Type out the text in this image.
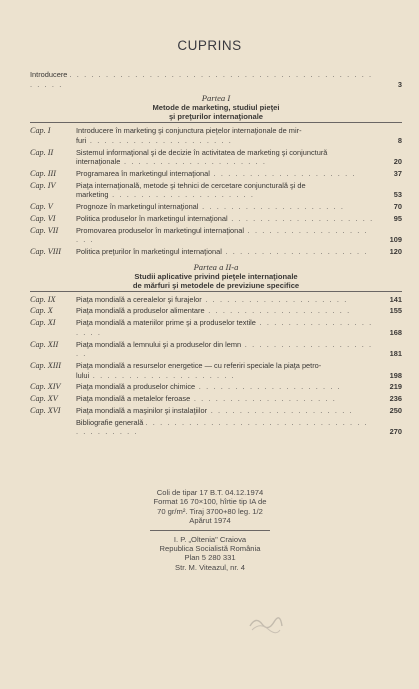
CUPRINS
Introducere . . . . . . . . . . . . . . . . . . . . . . . . . . . . . . . . . . . . . . . . . . . . . . .	3
Partea I
Metode de marketing, studiul pieţei
şi preţurilor internaţionale
Cap. I	Introducere în marketing şi conjunctura pieţelor internaţionale de mir-
furi . . . . . . . . . . . . . . . . . . . .	8
Cap. II	Sistemul informaţional şi de decizie în activitatea de marketing şi conjunctură
internaţionale . . . . . . . . . . . . . . . . . . . .	20
Cap. III	Programarea în marketingul internaţional . . . . . . . . . . . . . . . . . . . .	37
Cap. IV	Piaţa internaţională, metode şi tehnici de cercetare conjuncturală şi de
marketing . . . . . . . . . . . . . . . . . . . .	53
Cap. V	Prognoze în marketingul internaţional . . . . . . . . . . . . . . . . . . . .	70
Cap. VI	Politica produselor în marketingul internaţional . . . . . . . . . . . . . . . . . . . .	95
Cap. VII Promovarea produselor în marketingul internaţional . . . . . . . . . . . . . . . . . . . .	109
Cap. VIII Politica preţurilor în marketingul internaţional . . . . . . . . . . . . . . . . . . . .	120
Partea a II-a
Studii aplicative privind pieţele internaţionale
de mărfuri şi metodele de previziune specifice
Cap. IX	Piaţa mondială a cerealelor şi furajelor . . . . . . . . . . . . . . . . . . . .	141
Cap. X	Piaţa mondială a produselor alimentare . . . . . . . . . . . . . . . . . . . .	155
Cap. XI	Piaţa mondială a materiilor prime şi a produselor textile . . . . . . . . . . . . . . . . . . . .	168
Cap. XII Piaţa mondială a lemnului şi a produselor din lemn . . . . . . . . . . . . . . . . . . . .	181
Cap. XIII Piaţa mondială a resurselor energetice — cu referiri speciale la piaţa petro-
lului . . . . . . . . . . . . . . . . . . . .	198
Cap. XIV Piaţa mondială a produselor chimice . . . . . . . . . . . . . . . . . . . .	219
Cap. XV Piaţa mondială a metalelor feroase . . . . . . . . . . . . . . . . . . . .	236
Cap. XVI Piaţa mondială a maşinilor şi instalaţiilor . . . . . . . . . . . . . . . . . . . .	250
Bibliografie generală . . . . . . . . . . . . . . . . . . . . . . . . . . . . . . . . . . . . . . . .	270
Coli de tipar 17 B.T. 04.12.1974
Format 16 70×100, hîrtie tip IA de
70 gr/m². Tiraj 3700+80 leg. 1/2
Apărut 1974
I. P. „Oltenia" Craiova
Republica Socialistă România
Plan 5 280 331
Str. M. Viteazul, nr. 4
